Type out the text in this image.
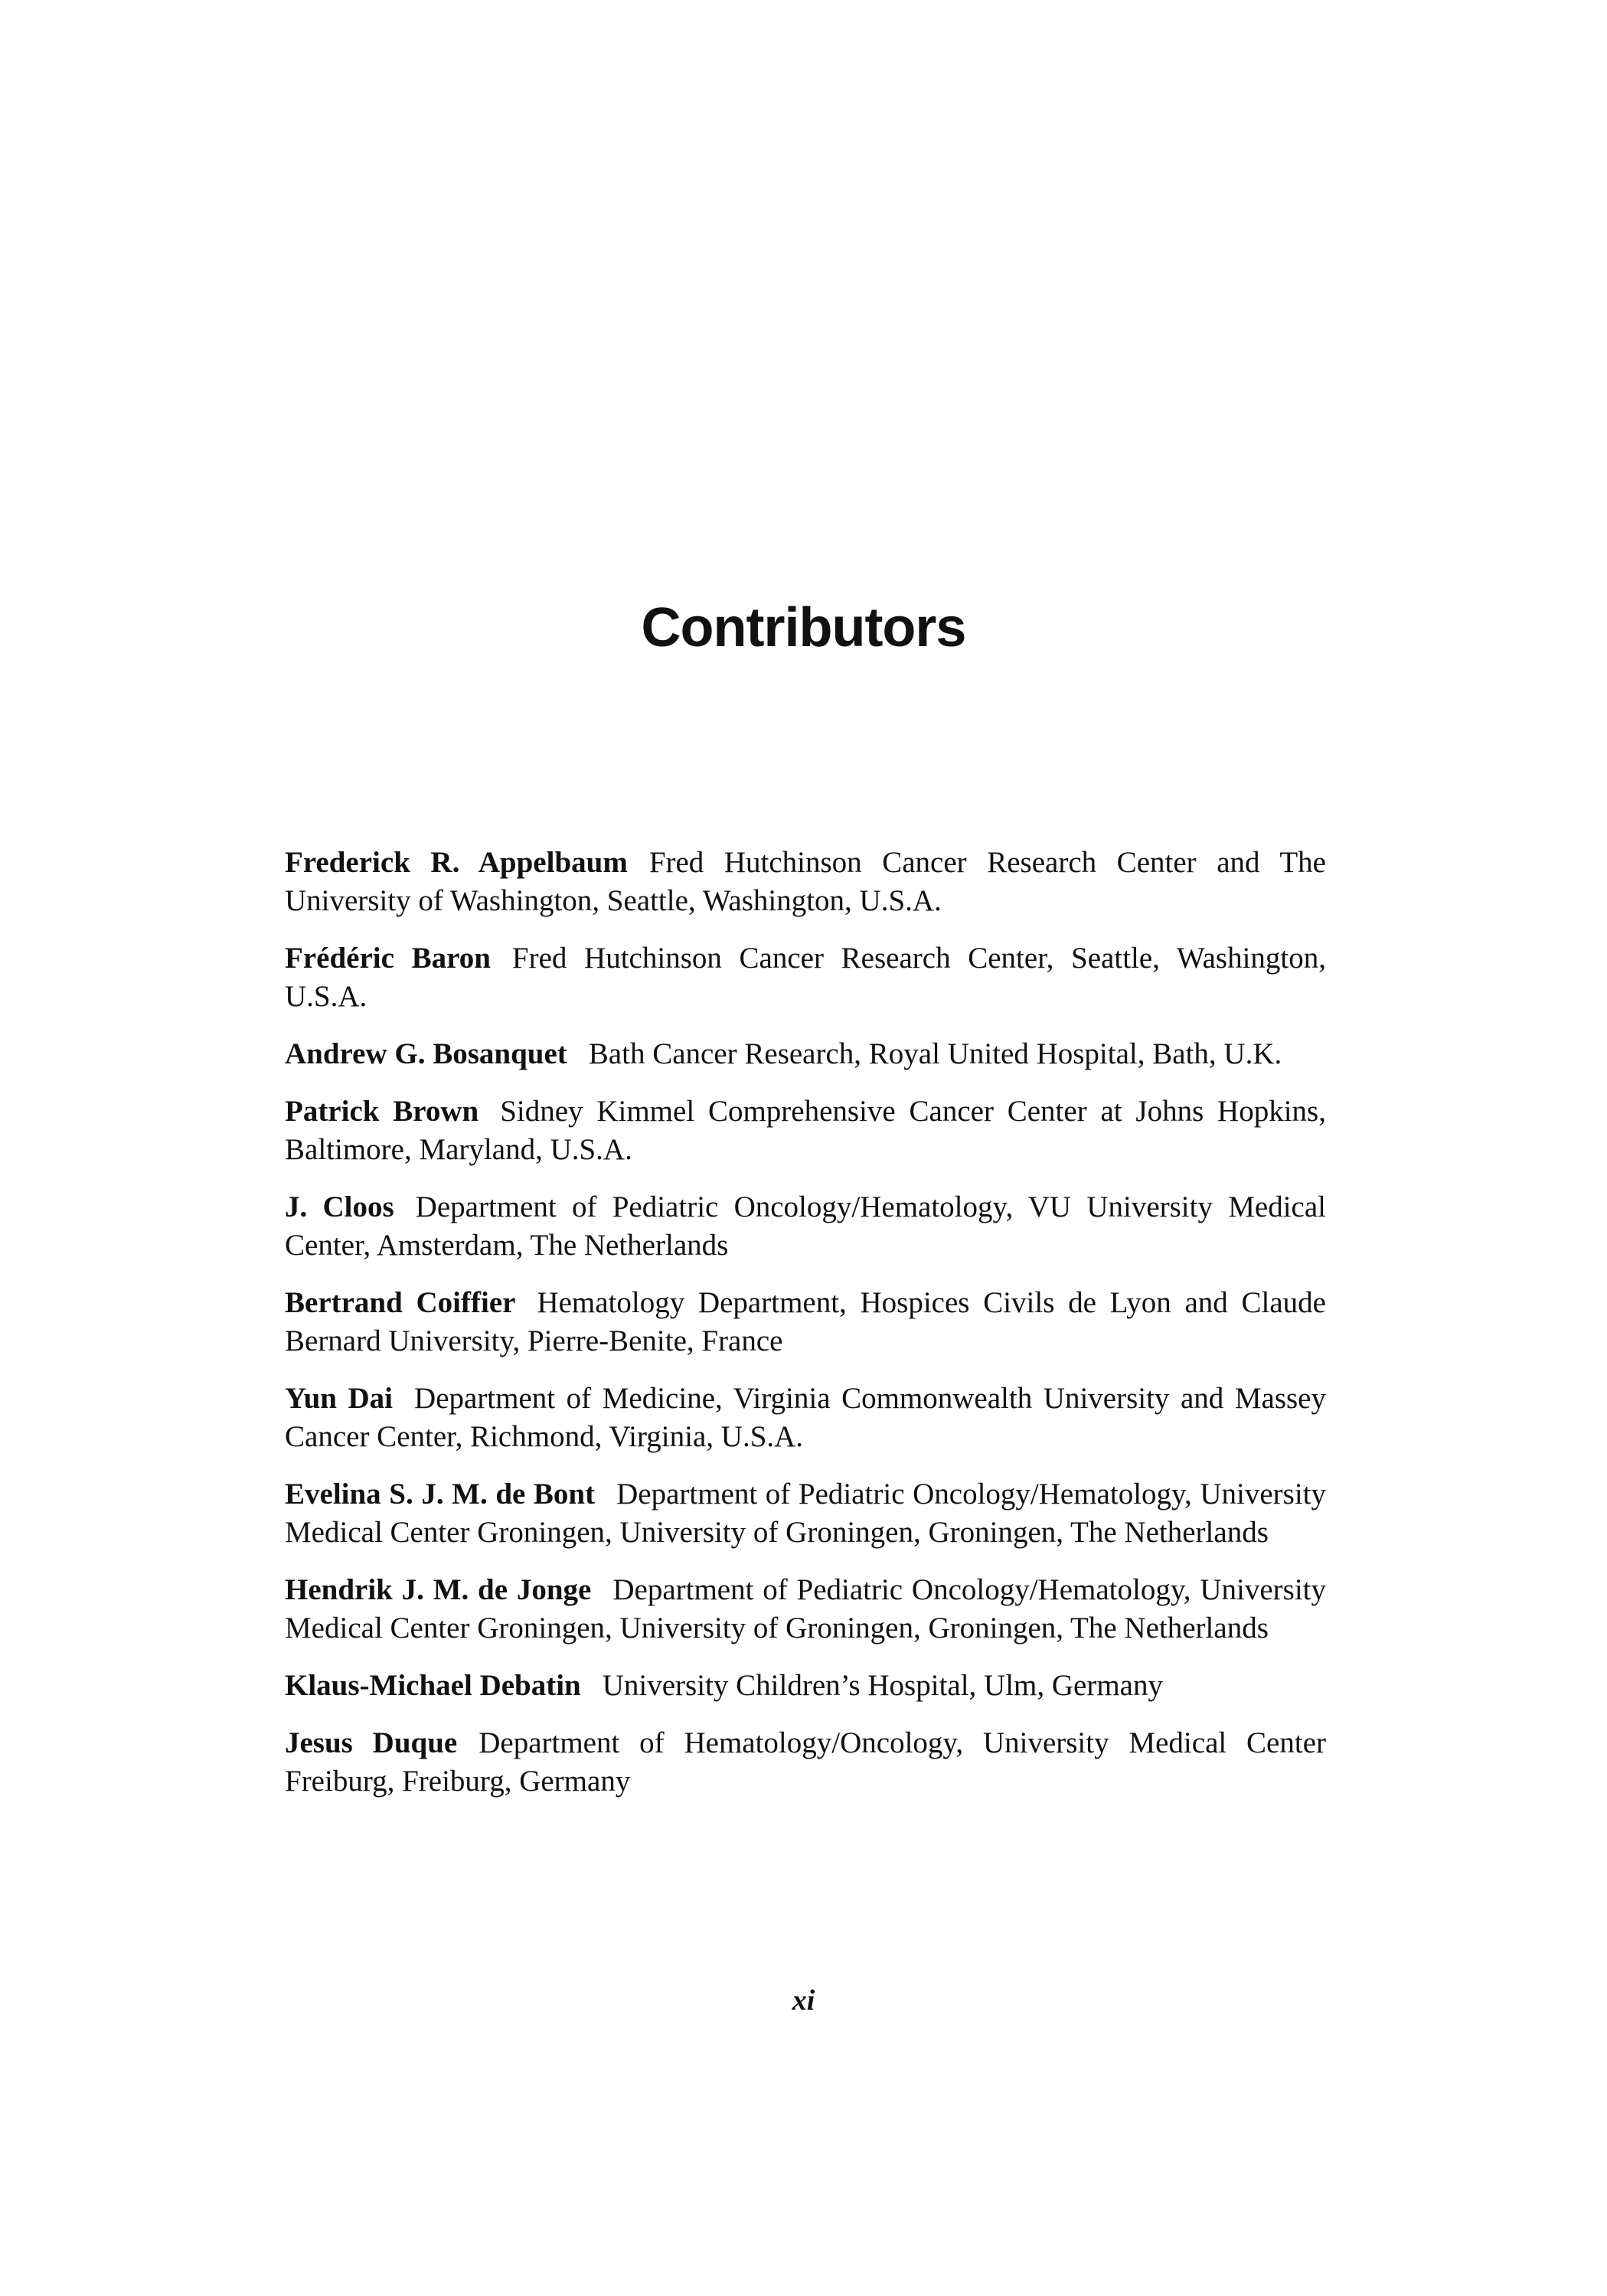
Contributors
Frederick R. Appelbaum Fred Hutchinson Cancer Research Center and The University of Washington, Seattle, Washington, U.S.A.
Frédéric Baron Fred Hutchinson Cancer Research Center, Seattle, Washington, U.S.A.
Andrew G. Bosanquet Bath Cancer Research, Royal United Hospital, Bath, U.K.
Patrick Brown Sidney Kimmel Comprehensive Cancer Center at Johns Hopkins, Baltimore, Maryland, U.S.A.
J. Cloos Department of Pediatric Oncology/Hematology, VU University Medical Center, Amsterdam, The Netherlands
Bertrand Coiffier Hematology Department, Hospices Civils de Lyon and Claude Bernard University, Pierre-Benite, France
Yun Dai Department of Medicine, Virginia Commonwealth University and Massey Cancer Center, Richmond, Virginia, U.S.A.
Evelina S. J. M. de Bont Department of Pediatric Oncology/Hematology, University Medical Center Groningen, University of Groningen, Groningen, The Netherlands
Hendrik J. M. de Jonge Department of Pediatric Oncology/Hematology, University Medical Center Groningen, University of Groningen, Groningen, The Netherlands
Klaus-Michael Debatin University Children’s Hospital, Ulm, Germany
Jesus Duque Department of Hematology/Oncology, University Medical Center Freiburg, Freiburg, Germany
xi
